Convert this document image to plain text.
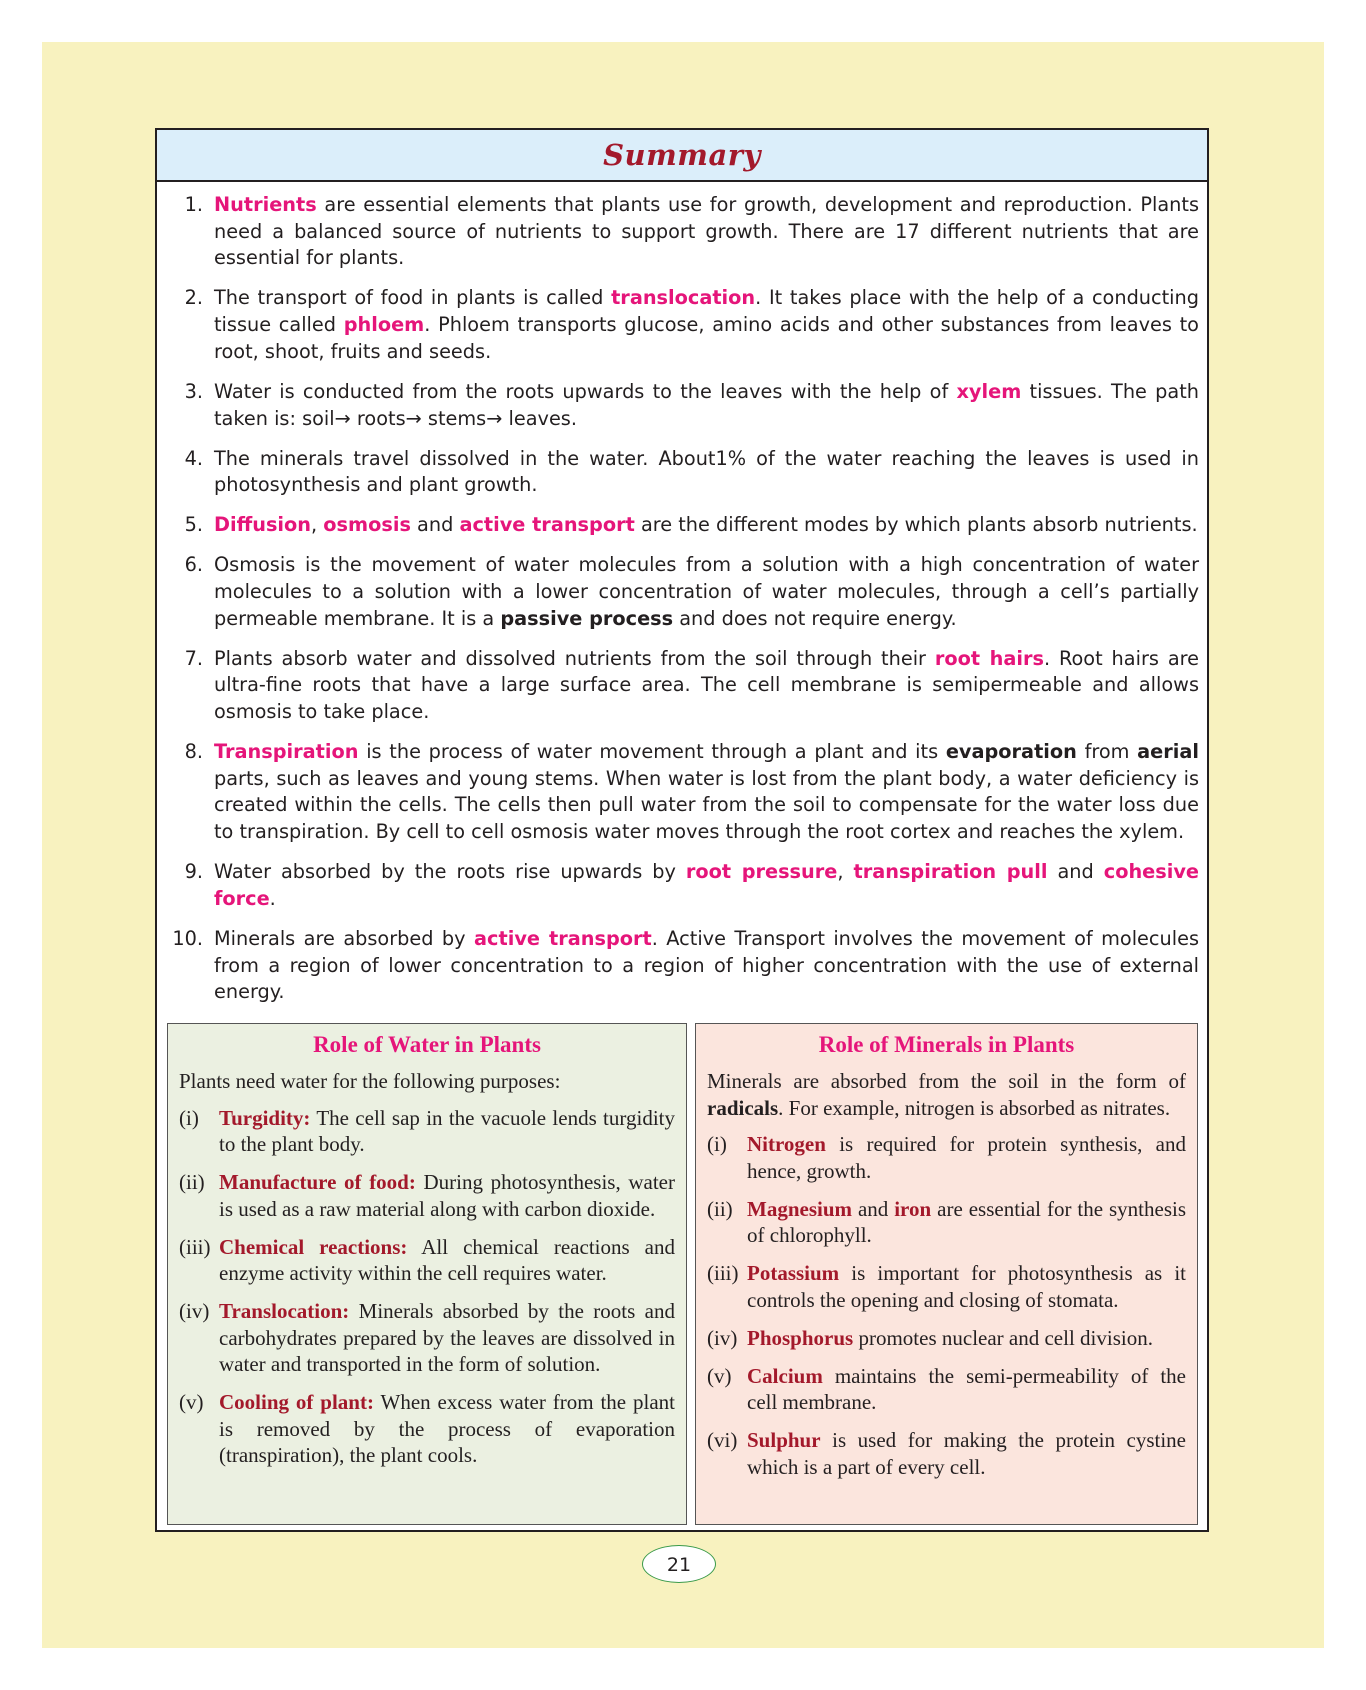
Summary
1. Nutrients are essential elements that plants use for growth, development and reproduction. Plants need a balanced source of nutrients to support growth. There are 17 different nutrients that are essential for plants.
2. The transport of food in plants is called translocation. It takes place with the help of a conducting tissue called phloem. Phloem transports glucose, amino acids and other substances from leaves to root, shoot, fruits and seeds.
3. Water is conducted from the roots upwards to the leaves with the help of xylem tissues. The path taken is: soil→ roots→ stems→ leaves.
4. The minerals travel dissolved in the water. About1% of the water reaching the leaves is used in photosynthesis and plant growth.
5. Diffusion, osmosis and active transport are the different modes by which plants absorb nutrients.
6. Osmosis is the movement of water molecules from a solution with a high concentration of water molecules to a solution with a lower concentration of water molecules, through a cell’s partially permeable membrane. It is a passive process and does not require energy.
7. Plants absorb water and dissolved nutrients from the soil through their root hairs. Root hairs are ultra-fine roots that have a large surface area. The cell membrane is semipermeable and allows osmosis to take place.
8. Transpiration is the process of water movement through a plant and its evaporation from aerial parts, such as leaves and young stems. When water is lost from the plant body, a water deficiency is created within the cells. The cells then pull water from the soil to compensate for the water loss due to transpiration. By cell to cell osmosis water moves through the root cortex and reaches the xylem.
9. Water absorbed by the roots rise upwards by root pressure, transpiration pull and cohesive force.
10. Minerals are absorbed by active transport. Active Transport involves the movement of molecules from a region of lower concentration to a region of higher concentration with the use of external energy.
Role of Water in Plants

Plants need water for the following purposes:

(i) Turgidity: The cell sap in the vacuole lends turgidity to the plant body.
(ii) Manufacture of food: During photosynthesis, water is used as a raw material along with carbon dioxide.
(iii) Chemical reactions: All chemical reactions and enzyme activity within the cell requires water.
(iv) Translocation: Minerals absorbed by the roots and carbohydrates prepared by the leaves are dissolved in water and transported in the form of solution.
(v) Cooling of plant: When excess water from the plant is removed by the process of evaporation (transpiration), the plant cools.
Role of Minerals in Plants

Minerals are absorbed from the soil in the form of radicals. For example, nitrogen is absorbed as nitrates.

(i) Nitrogen is required for protein synthesis, and hence, growth.
(ii) Magnesium and iron are essential for the synthesis of chlorophyll.
(iii) Potassium is important for photosynthesis as it controls the opening and closing of stomata.
(iv) Phosphorus promotes nuclear and cell division.
(v) Calcium maintains the semi-permeability of the cell membrane.
(vi) Sulphur is used for making the protein cystine which is a part of every cell.
21
